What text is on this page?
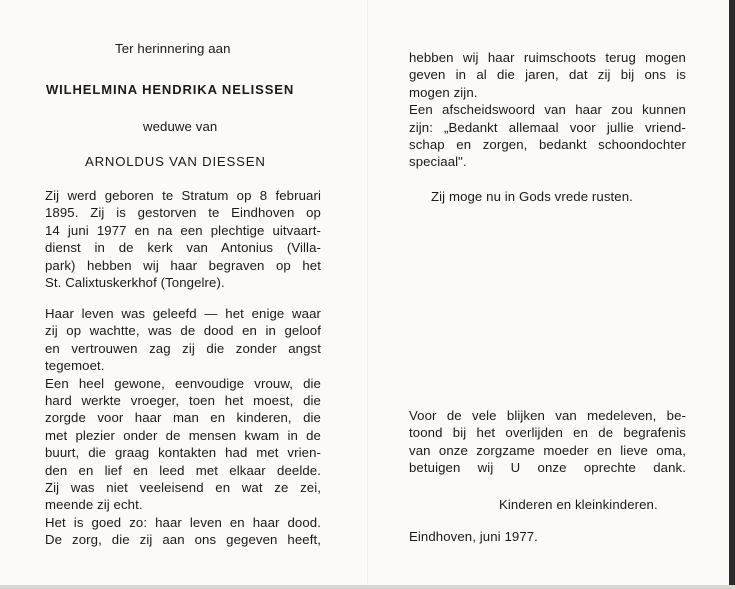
Ter herinnering aan
WILHELMINA HENDRIKA NELISSEN
weduwe van
ARNOLDUS VAN DIESSEN
Zij werd geboren te Stratum op 8 februari
1895. Zij is gestorven te Eindhoven op
14 juni 1977 en na een plechtige uitvaart-
dienst in de kerk van Antonius (Villa-
park) hebben wij haar begraven op het
St. Calixtuskerkhof (Tongelre).
Haar leven was geleefd — het enige waar
zij op wachtte, was de dood en in geloof
en vertrouwen zag zij die zonder angst
tegemoet.
Een heel gewone, eenvoudige vrouw, die
hard werkte vroeger, toen het moest, die
zorgde voor haar man en kinderen, die
met plezier onder de mensen kwam in de
buurt, die graag kontakten had met vrien-
den en lief en leed met elkaar deelde.
Zij was niet veeleisend en wat ze zei,
meende zij echt.
Het is goed zo: haar leven en haar dood.
De zorg, die zij aan ons gegeven heeft,
hebben wij haar ruimschoots terug mogen
geven in al die jaren, dat zij bij ons is
mogen zijn.
Een afscheidswoord van haar zou kunnen
zijn: „Bedankt allemaal voor jullie vriend-
schap en zorgen, bedankt schoondochter
speciaal".
Zij moge nu in Gods vrede rusten.
Voor de vele blijken van medeleven, be-
toond bij het overlijden en de begrafenis
van onze zorgzame moeder en lieve oma,
betuigen wij U onze oprechte dank.
Kinderen en kleinkinderen.
Eindhoven, juni 1977.
